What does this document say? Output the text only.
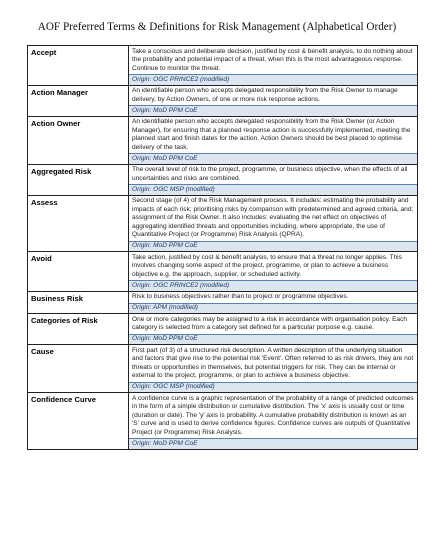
AOF Preferred Terms & Definitions for Risk Management (Alphabetical Order)
Accept	Take a conscious and deliberate decision, justified by cost & benefit analysis, to do nothing about the probability and potential impact of a threat, when this is the most advantageous response. Continue to monitor the threat.
Origin: OGC PRINCE2 (modified)

Action Manager	An identifiable person who accepts delegated responsibility from the Risk Owner to manage delivery, by Action Owners, of one or more risk response actions.
Origin: MoD PPM CoE

Action Owner	An identifiable person who accepts delegated responsibility from the Risk Owner (or Action Manager), for ensuring that a planned response action is successfully implemented, meeting the planned start and finish dates for the action. Action Owners should be best placed to optimise delivery of the task.
Origin: MoD PPM CoE

Aggregated Risk	The overall level of risk to the project, programme, or business objective, when the effects of all uncertainties and risks are combined.
Origin: OGC MSP (modified)

Assess	Second stage (of 4) of the Risk Management process. It includes: estimating the probability and impacts of each risk; prioritising risks by comparison with predetermined and agreed criteria, and; assignment of the Risk Owner. It also includes: evaluating the net effect on objectives of aggregating identified threats and opportunities including, where appropriate, the use of Quantitative Project (or Programme) Risk Analysis (QPRA).
Origin: MoD PPM CoE

Avoid	Take action, justified by cost & benefit analysis, to ensure that a threat no longer applies. This involves changing some aspect of the project, programme, or plan to achieve a business objective e.g. the approach, supplier, or scheduled activity.
Origin: OGC PRINCE2 (modified)

Business Risk	Risk to business objectives rather than to project or programme objectives.
Origin: APM (modified)

Categories of Risk	One or more categories may be assigned to a risk in accordance with organisation policy. Each category is selected from a category set defined for a particular purpose e.g. cause.
Origin: MoD PPM CoE

Cause	First part (of 3) of a structured risk description. A written description of the underlying situation and factors that give rise to the potential risk 'Event'. Often referred to as risk drivers, they are not threats or opportunities in themselves, but potential triggers for risk. They can be internal or external to the project, programme, or plan to achieve a business objective.
Origin: OGC MSP (modified)

Confidence Curve	A confidence curve is a graphic representation of the probability of a range of predicted outcomes in the form of a simple distribution or cumulative distribution. The 'x' axis is usually cost or time (duration or date). The 'y' axis is probability. A cumulative probability distribution is known as an 'S' curve and is used to derive confidence figures. Confidence curves are outputs of Quantitative Project (or Programme) Risk Analysis.
Origin: MoD PPM CoE
